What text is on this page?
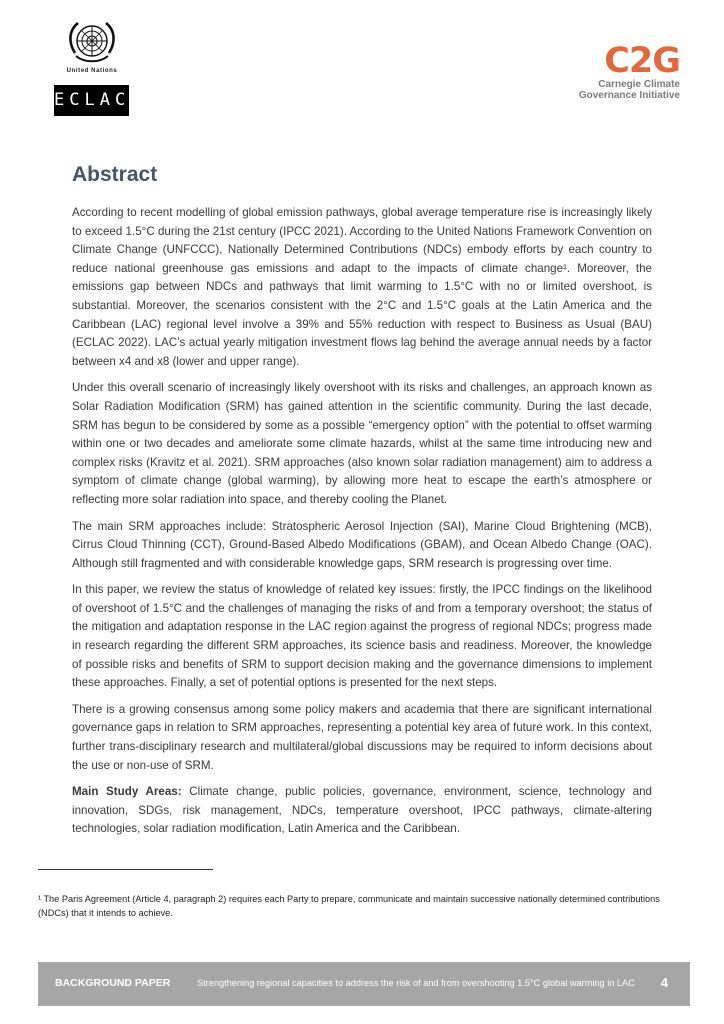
United Nations
ECLAC
C2G
Carnegie Climate
Governance Initiative
Abstract

According to recent modelling of global emission pathways, global average temperature rise is increasingly likely to exceed 1.5°C during the 21st century (IPCC 2021). According to the United Nations Framework Convention on Climate Change (UNFCCC), Nationally Determined Contributions (NDCs) embody efforts by each country to reduce national greenhouse gas emissions and adapt to the impacts of climate change¹. Moreover, the emissions gap between NDCs and pathways that limit warming to 1.5°C with no or limited overshoot, is substantial. Moreover, the scenarios consistent with the 2°C and 1.5°C goals at the Latin America and the Caribbean (LAC) regional level involve a 39% and 55% reduction with respect to Business as Usual (BAU) (ECLAC 2022). LAC’s actual yearly mitigation investment flows lag behind the average annual needs by a factor between x4 and x8 (lower and upper range).

Under this overall scenario of increasingly likely overshoot with its risks and challenges, an approach known as Solar Radiation Modification (SRM) has gained attention in the scientific community. During the last decade, SRM has begun to be considered by some as a possible “emergency option” with the potential to offset warming within one or two decades and ameliorate some climate hazards, whilst at the same time introducing new and complex risks (Kravitz et al. 2021). SRM approaches (also known solar radiation management) aim to address a symptom of climate change (global warming), by allowing more heat to escape the earth’s atmosphere or reflecting more solar radiation into space, and thereby cooling the Planet.

The main SRM approaches include: Stratospheric Aerosol Injection (SAI), Marine Cloud Brightening (MCB), Cirrus Cloud Thinning (CCT), Ground-Based Albedo Modifications (GBAM), and Ocean Albedo Change (OAC). Although still fragmented and with considerable knowledge gaps, SRM research is progressing over time.

In this paper, we review the status of knowledge of related key issues: firstly, the IPCC findings on the likelihood of overshoot of 1.5°C and the challenges of managing the risks of and from a temporary overshoot; the status of the mitigation and adaptation response in the LAC region against the progress of regional NDCs; progress made in research regarding the different SRM approaches, its science basis and readiness. Moreover, the knowledge of possible risks and benefits of SRM to support decision making and the governance dimensions to implement these approaches. Finally, a set of potential options is presented for the next steps.

There is a growing consensus among some policy makers and academia that there are significant international governance gaps in relation to SRM approaches, representing a potential key area of future work. In this context, further trans-disciplinary research and multilateral/global discussions may be required to inform decisions about the use or non-use of SRM.

Main Study Areas: Climate change, public policies, governance, environment, science, technology and innovation, SDGs, risk management, NDCs, temperature overshoot, IPCC pathways, climate-altering technologies, solar radiation modification, Latin America and the Caribbean.

¹ The Paris Agreement (Article 4, paragraph 2) requires each Party to prepare, communicate and maintain successive nationally determined contributions (NDCs) that it intends to achieve.

BACKGROUND PAPER	Strengthening regional capacities to address the risk of and from overshooting 1.5°C global warming in LAC 4
